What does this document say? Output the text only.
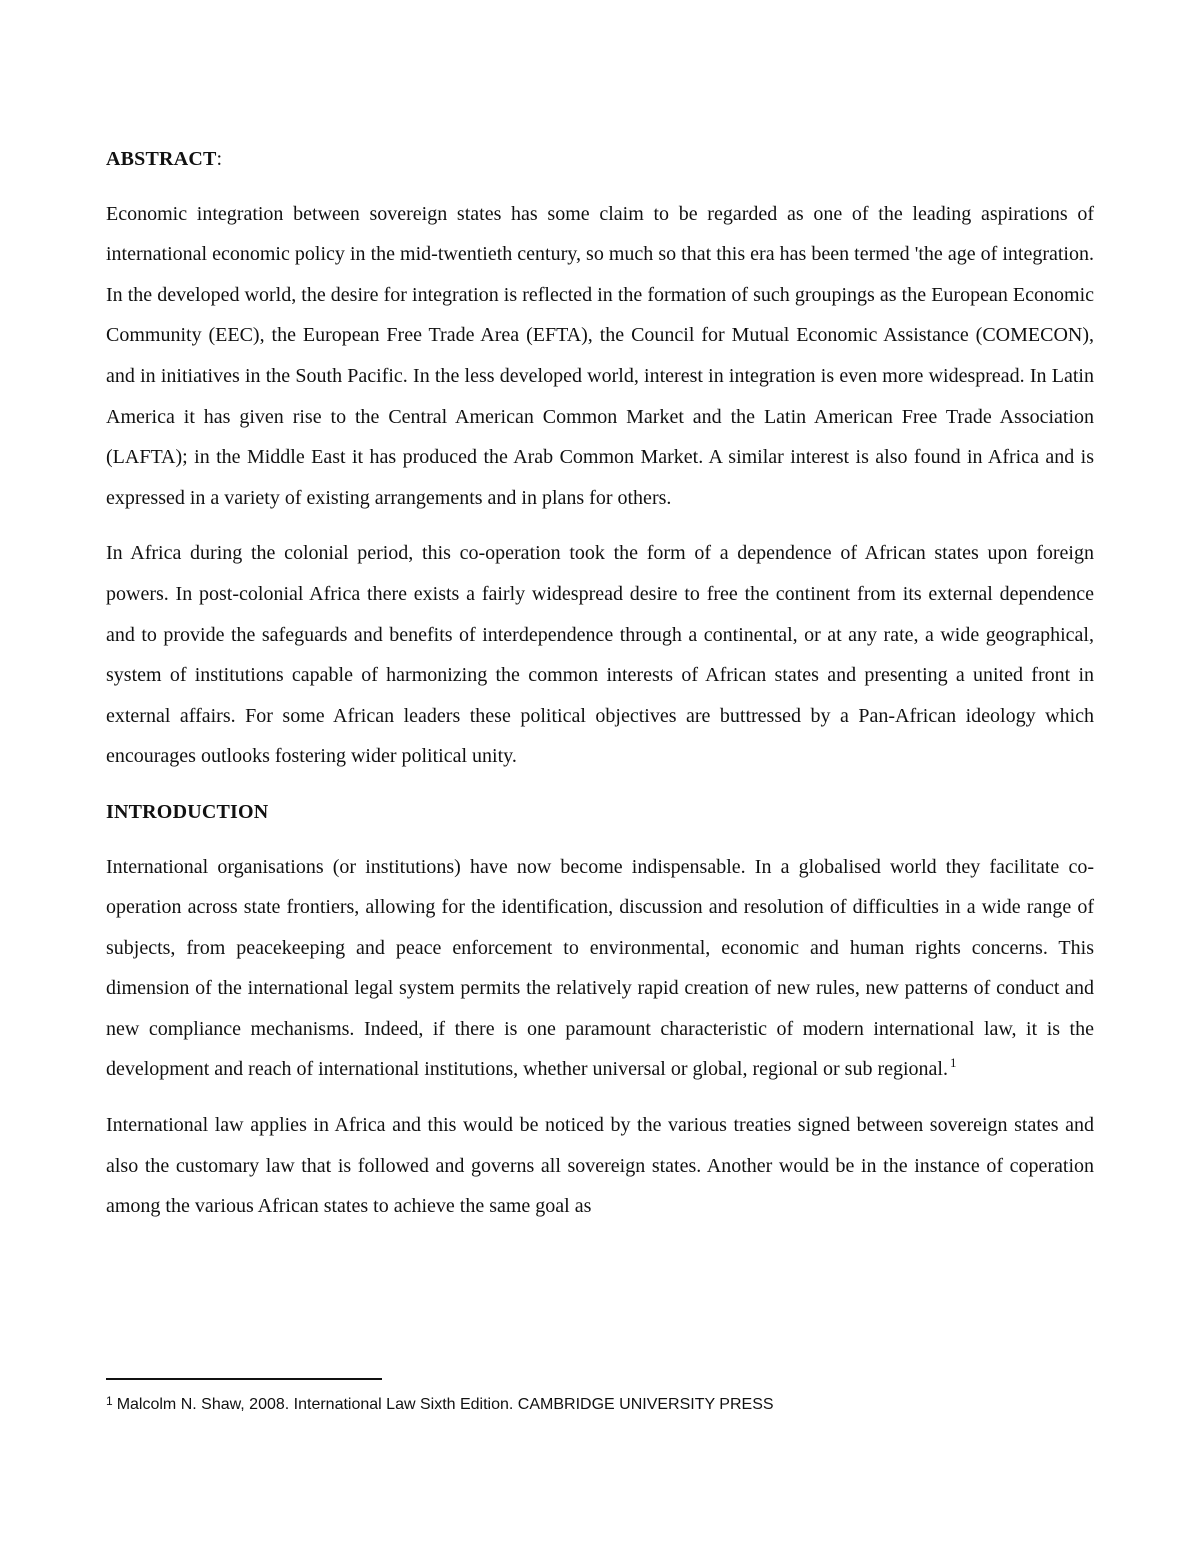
ABSTRACT:

Economic integration between sovereign states has some claim to be regarded as one of the leading aspirations of international economic policy in the mid-twentieth century, so much so that this era has been termed 'the age of integration. In the developed world, the desire for integration is reflected in the formation of such groupings as the European Economic Community (EEC), the European Free Trade Area (EFTA), the Council for Mutual Economic Assistance (COMECON), and in initiatives in the South Pacific. In the less developed world, interest in integration is even more widespread. In Latin America it has given rise to the Central American Common Market and the Latin American Free Trade Association (LAFTA); in the Middle East it has produced the Arab Common Market. A similar interest is also found in Africa and is expressed in a variety of existing arrangements and in plans for others.

In Africa during the colonial period, this co-operation took the form of a dependence of African states upon foreign powers. In post-colonial Africa there exists a fairly widespread desire to free the continent from its external dependence and to provide the safeguards and benefits of interdependence through a continental, or at any rate, a wide geographical, system of institutions capable of harmonizing the common interests of African states and presenting a united front in external affairs. For some African leaders these political objectives are buttressed by a Pan-African ideology which encourages outlooks fostering wider political unity.

INTRODUCTION

International organisations (or institutions) have now become indispensable. In a globalised world they facilitate co-operation across state frontiers, allowing for the identification, discussion and resolution of difficulties in a wide range of subjects, from peacekeeping and peace enforcement to environmental, economic and human rights concerns. This dimension of the international legal system permits the relatively rapid creation of new rules, new patterns of conduct and new compliance mechanisms. Indeed, if there is one paramount characteristic of modern international law, it is the development and reach of international institutions, whether universal or global, regional or sub regional. $^1$

International law applies in Africa and this would be noticed by the various treaties signed between sovereign states and also the customary law that is followed and governs all sovereign states. Another would be in the instance of coperation among the various African states to achieve the same goal as

$^1$ Malcolm N. Shaw, 2008. International Law Sixth Edition. CAMBRIDGE UNIVERSITY PRESS
